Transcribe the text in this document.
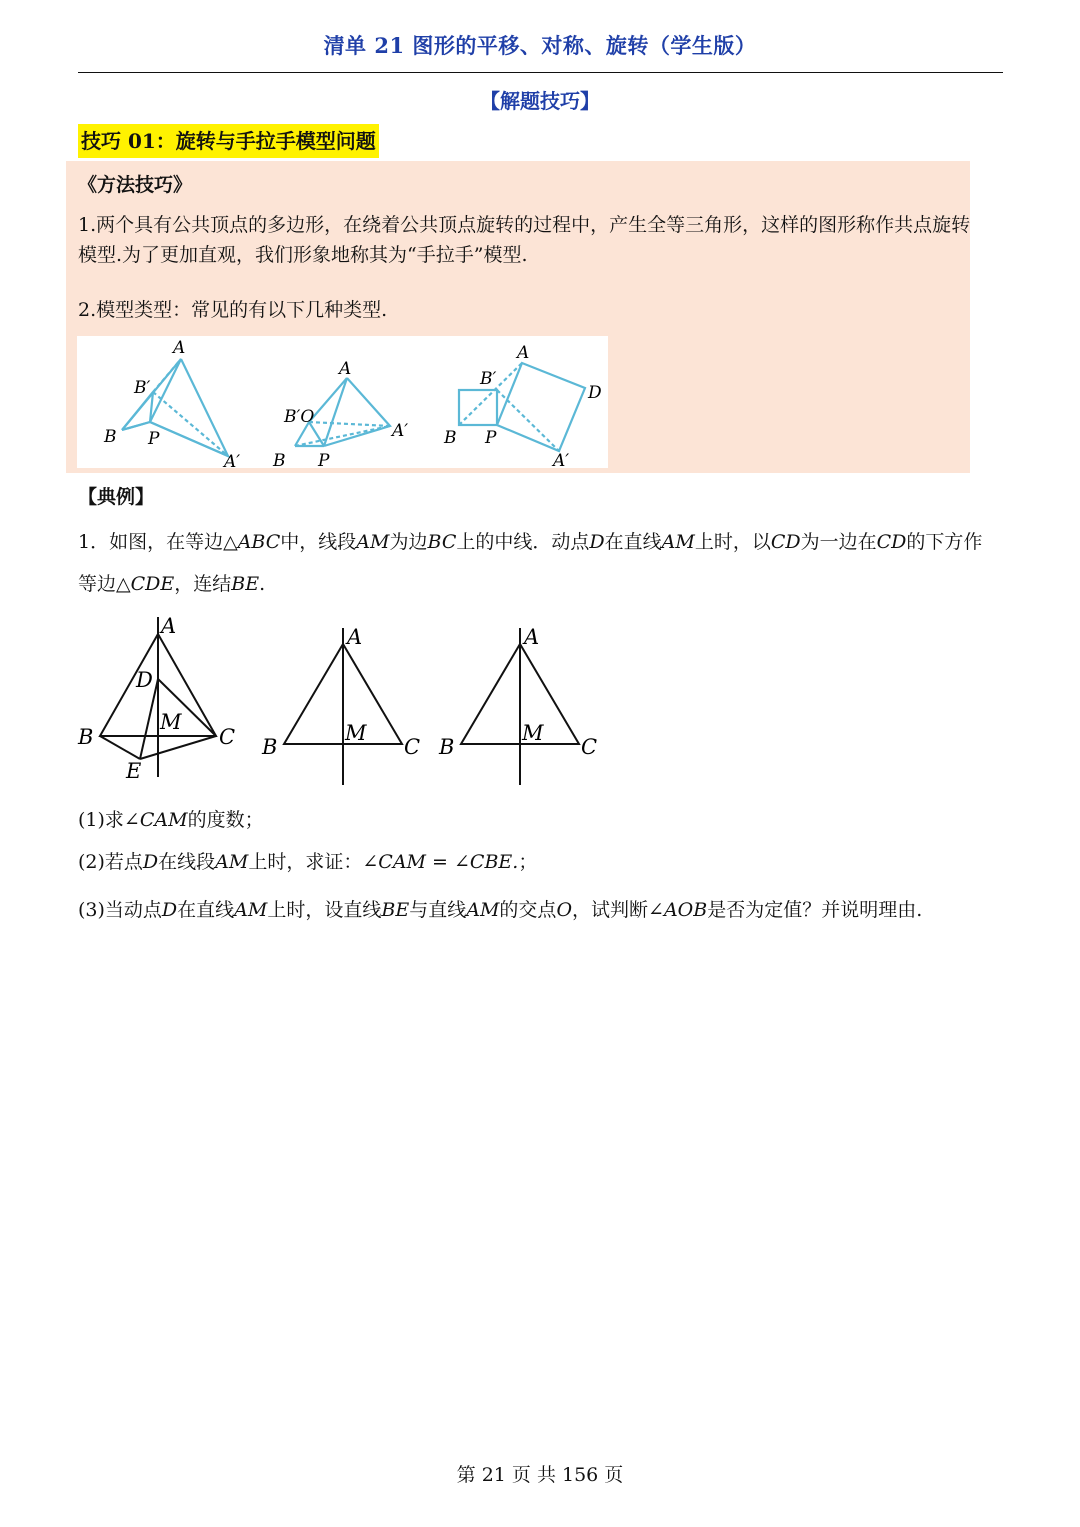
清单 21 图形的平移、对称、旋转（学生版）
【解题技巧】
技巧 01：旋转与手拉手模型问题
《方法技巧》
1.两个具有公共顶点的多边形，在绕着公共顶点旋转的过程中，产生全等三角形，这样的图形称作共点旋转模型.为了更加直观，我们形象地称其为“手拉手”模型.
2.模型类型：常见的有以下几种类型.
A
B′
B P
A′
A
B′O
B P
A′
A
B′
B P
D
A′
【典例】
1．如图，在等边△ABC中，线段AM为边BC上的中线．动点D在直线AM上时，以CD为一边在CD的下方作等边△CDE，连结BE.
A
D
M
B	C
E
A
M
B	C
A
M
B	C
(1)求∠CAM的度数；
(2)若点D在线段AM上时，求证：∠CAM = ∠CBE.；
(3)当动点D在直线AM上时，设直线BE与直线AM的交点O，试判断∠AOB是否为定值？并说明理由.
第 21 页 共 156 页
